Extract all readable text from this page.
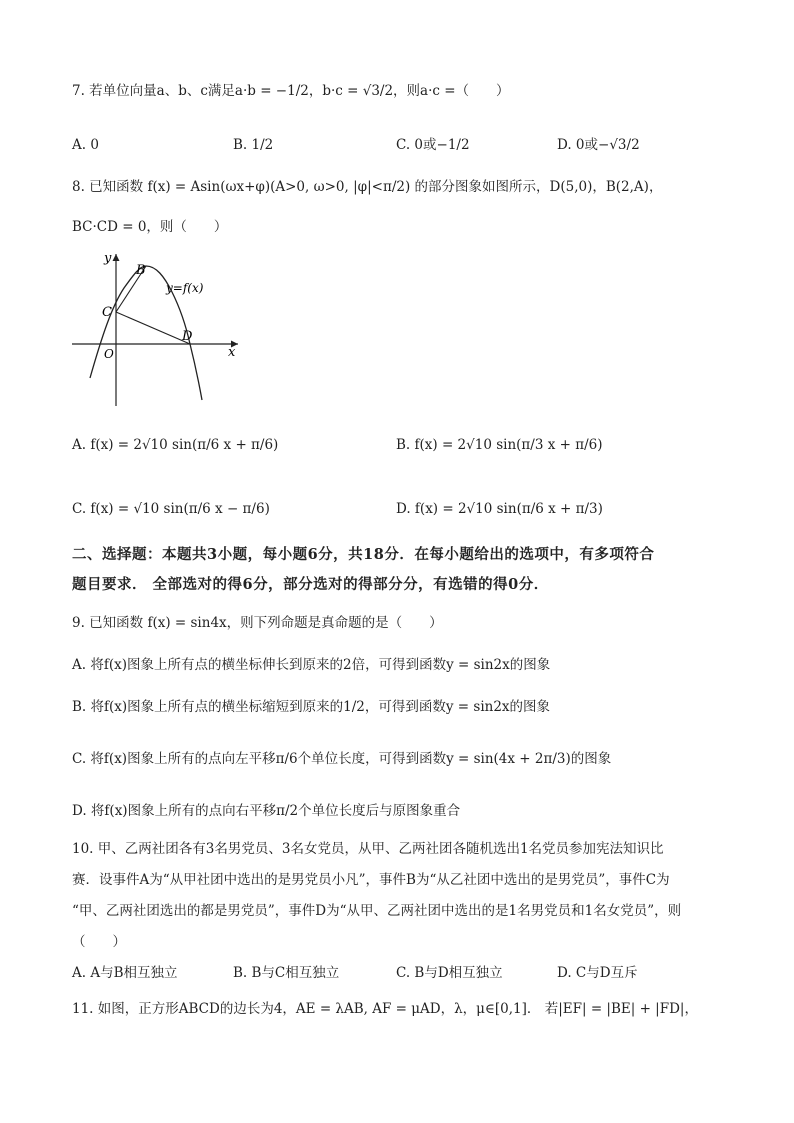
7. 若单位向量a、b、c满足a·b = −1/2，b·c = √3/2，则a·c =（　　）
A. 0	B. 1/2	C. 0或−1/2	D. 0或−√3/2
8. 已知函数 f(x) = Asin(ωx+φ)(A>0, ω>0, |φ|<π/2) 的部分图象如图所示，D(5,0)，B(2,A)，
BC·CD = 0，则（　　）
y
x
O
B
C
D
y=f(x)
A. f(x) = 2√10 sin(π/6 x + π/6)	B. f(x) = 2√10 sin(π/3 x + π/6)
C. f(x) = √10 sin(π/6 x − π/6)	D. f(x) = 2√10 sin(π/6 x + π/3)
二、选择题：本题共3小题，每小题6分，共18分．在每小题给出的选项中，有多项符合
题目要求． 全部选对的得6分，部分选对的得部分分，有选错的得0分．
9. 已知函数 f(x) = sin4x，则下列命题是真命题的是（　　）
A. 将f(x)图象上所有点的横坐标伸长到原来的2倍，可得到函数y = sin2x的图象
B. 将f(x)图象上所有点的横坐标缩短到原来的1/2，可得到函数y = sin2x的图象
C. 将f(x)图象上所有的点向左平移π/6个单位长度，可得到函数y = sin(4x + 2π/3)的图象
D. 将f(x)图象上所有的点向右平移π/2个单位长度后与原图象重合
10. 甲、乙两社团各有3名男党员、3名女党员，从甲、乙两社团各随机选出1名党员参加宪法知识比
赛．设事件A为“从甲社团中选出的是男党员小凡”，事件B为“从乙社团中选出的是男党员”，事件C为
“甲、乙两社团选出的都是男党员”，事件D为“从甲、乙两社团中选出的是1名男党员和1名女党员”，则
（　　）
A. A与B相互独立	B. B与C相互独立	C. B与D相互独立	D. C与D互斥
11. 如图，正方形ABCD的边长为4，AE = λAB, AF = μAD，λ，μ∈[0,1]． 若|EF| = |BE| + |FD|，
